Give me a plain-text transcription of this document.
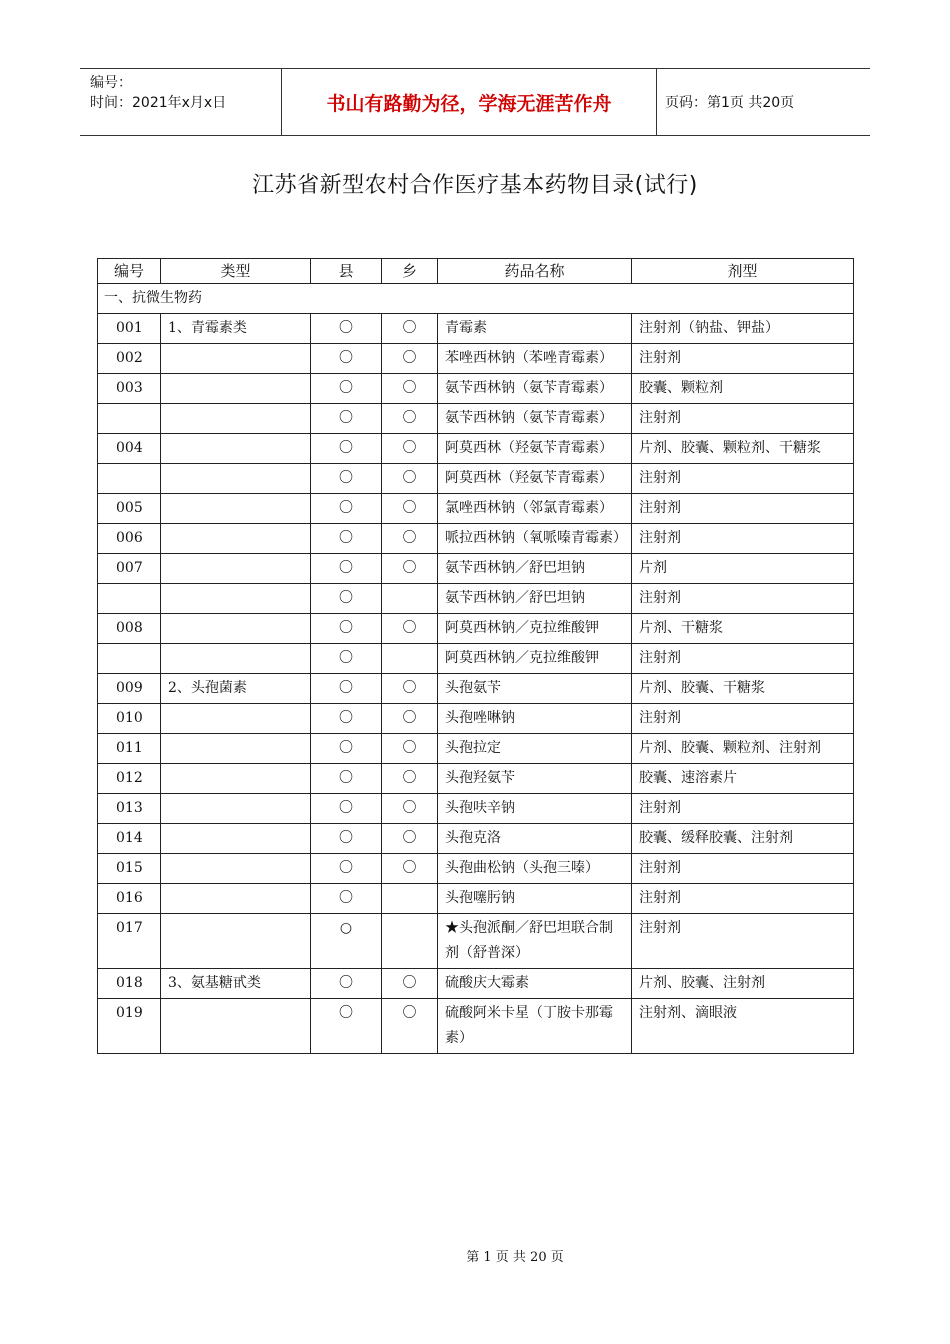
编号：
时间：2021年x月x日	书山有路勤为径，学海无涯苦作舟	页码：第1页 共20页
江苏省新型农村合作医疗基本药物目录(试行)
编号	类型	县	乡	药品名称	剂型
一、抗微生物药					
001	1、青霉素类	〇	〇	青霉素	注射剂（钠盐、钾盐）
002		〇	〇	苯唑西林钠（苯唑青霉素）	注射剂
003		〇	〇	氨苄西林钠（氨苄青霉素）	胶囊、颗粒剂
		〇	〇	氨苄西林钠（氨苄青霉素）	注射剂
004		〇	〇	阿莫西林（羟氨苄青霉素）	片剂、胶囊、颗粒剂、干糖浆
		〇	〇	阿莫西林（羟氨苄青霉素）	注射剂
005		〇	〇	氯唑西林钠（邻氯青霉素）	注射剂
006		〇	〇	哌拉西林钠（氧哌嗪青霉素）	注射剂
007		〇	〇	氨苄西林钠／舒巴坦钠	片剂
		〇		氨苄西林钠／舒巴坦钠	注射剂
008		〇	〇	阿莫西林钠／克拉维酸钾	片剂、干糖浆
		〇		阿莫西林钠／克拉维酸钾	注射剂
009	2、头孢菌素	〇	〇	头孢氨苄	片剂、胶囊、干糖浆
010		〇	〇	头孢唑啉钠	注射剂
011		〇	〇	头孢拉定	片剂、胶囊、颗粒剂、注射剂
012		〇	〇	头孢羟氨苄	胶囊、速溶素片
013		〇	〇	头孢呋辛钠	注射剂
014		〇	〇	头孢克洛	胶囊、缓释胶囊、注射剂
015		〇	〇	头孢曲松钠（头孢三嗪）	注射剂
016		〇		头孢噻肟钠	注射剂
017		○		★头孢派酮／舒巴坦联合制剂（舒普深）	注射剂
018	3、氨基糖甙类	〇	〇	硫酸庆大霉素	片剂、胶囊、注射剂
019		〇	〇	硫酸阿米卡星（丁胺卡那霉素）	注射剂、滴眼液
第 1 页 共 20 页
